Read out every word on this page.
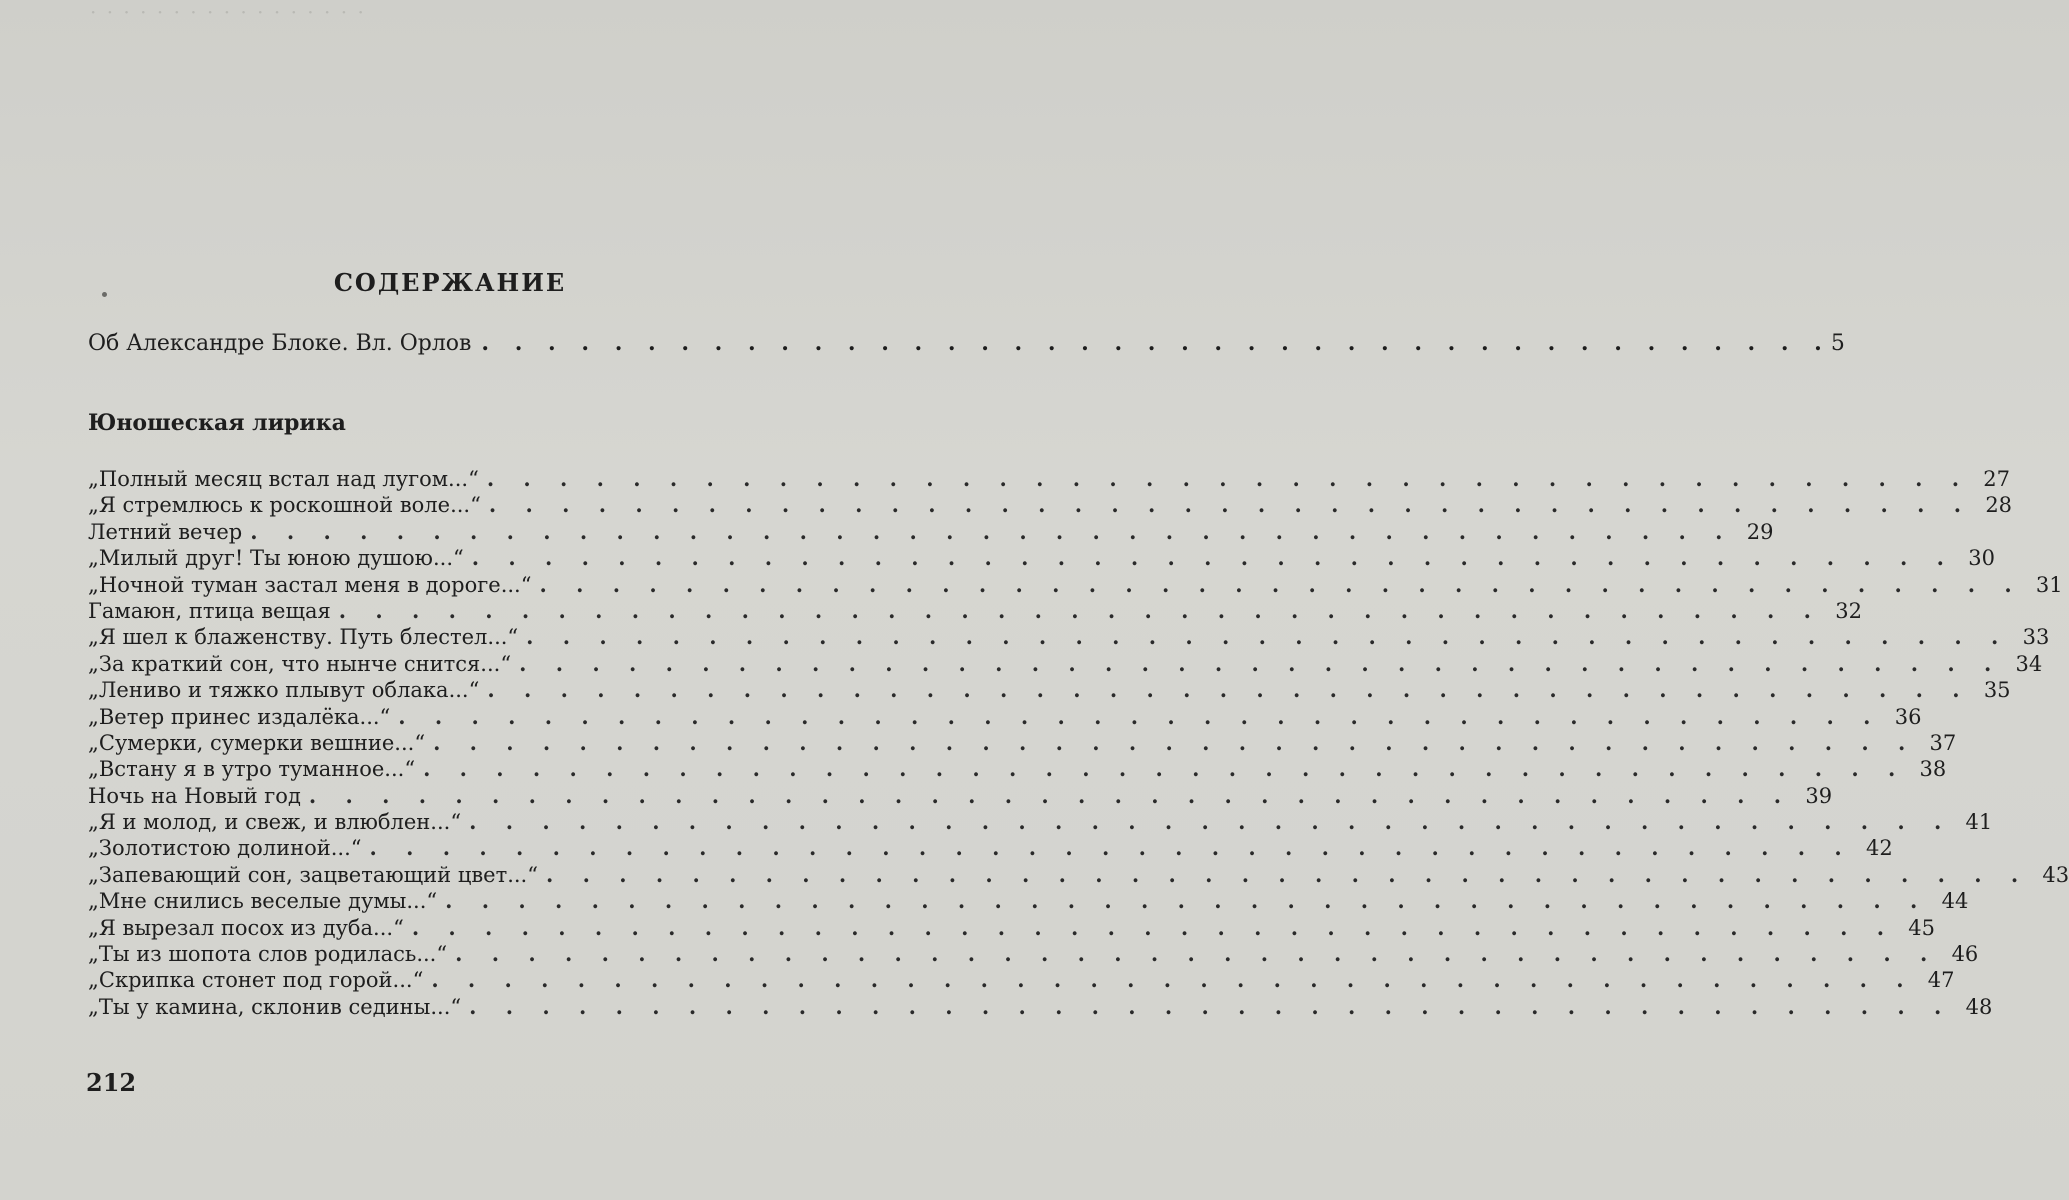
· · · · · · · · · · · · · · · · ·
СОДЕРЖАНИЕ
Об Александре Блоке. Вл. Орлов . . . . . . . . . . . . . . . . . . . . . . . . . . . . . . . . . . . . . . . . . 5
Юношеская лирика
„Полный месяц встал над лугом...“ . . . . . . . . . . . . . . . . . . . . . . . . . . . . . . . . . . . . . . . . . 27
„Я стремлюсь к роскошной воле...“ . . . . . . . . . . . . . . . . . . . . . . . . . . . . . . . . . . . . . . . . . 28
Летний вечер . . . . . . . . . . . . . . . . . . . . . . . . . . . . . . . . . . . . . . . . . 29
„Милый друг! Ты юною душою...“ . . . . . . . . . . . . . . . . . . . . . . . . . . . . . . . . . . . . . . . . . 30
„Ночной туман застал меня в дороге...“ . . . . . . . . . . . . . . . . . . . . . . . . . . . . . . . . . . . . . . . . . 31
Гамаюн, птица вещая . . . . . . . . . . . . . . . . . . . . . . . . . . . . . . . . . . . . . . . . . 32
„Я шел к блаженству. Путь блестел...“ . . . . . . . . . . . . . . . . . . . . . . . . . . . . . . . . . . . . . . . . . 33
„За краткий сон, что нынче снится...“ . . . . . . . . . . . . . . . . . . . . . . . . . . . . . . . . . . . . . . . . . 34
„Лениво и тяжко плывут облака...“ . . . . . . . . . . . . . . . . . . . . . . . . . . . . . . . . . . . . . . . . . 35
„Ветер принес издалёка...“ . . . . . . . . . . . . . . . . . . . . . . . . . . . . . . . . . . . . . . . . . 36
„Сумерки, сумерки вешние...“ . . . . . . . . . . . . . . . . . . . . . . . . . . . . . . . . . . . . . . . . . 37
„Встану я в утро туманное...“ . . . . . . . . . . . . . . . . . . . . . . . . . . . . . . . . . . . . . . . . . 38
Ночь на Новый год . . . . . . . . . . . . . . . . . . . . . . . . . . . . . . . . . . . . . . . . . 39
„Я и молод, и свеж, и влюблен...“ . . . . . . . . . . . . . . . . . . . . . . . . . . . . . . . . . . . . . . . . . 41
„Золотистою долиной...“ . . . . . . . . . . . . . . . . . . . . . . . . . . . . . . . . . . . . . . . . . 42
„Запевающий сон, зацветающий цвет...“ . . . . . . . . . . . . . . . . . . . . . . . . . . . . . . . . . . . . . . . . . 43
„Мне снились веселые думы...“ . . . . . . . . . . . . . . . . . . . . . . . . . . . . . . . . . . . . . . . . . 44
„Я вырезал посох из дуба...“ . . . . . . . . . . . . . . . . . . . . . . . . . . . . . . . . . . . . . . . . . 45
„Ты из шопота слов родилась...“ . . . . . . . . . . . . . . . . . . . . . . . . . . . . . . . . . . . . . . . . . 46
„Скрипка стонет под горой...“ . . . . . . . . . . . . . . . . . . . . . . . . . . . . . . . . . . . . . . . . . 47
„Ты у камина, склонив седины...“ . . . . . . . . . . . . . . . . . . . . . . . . . . . . . . . . . . . . . . . . . 48
212
